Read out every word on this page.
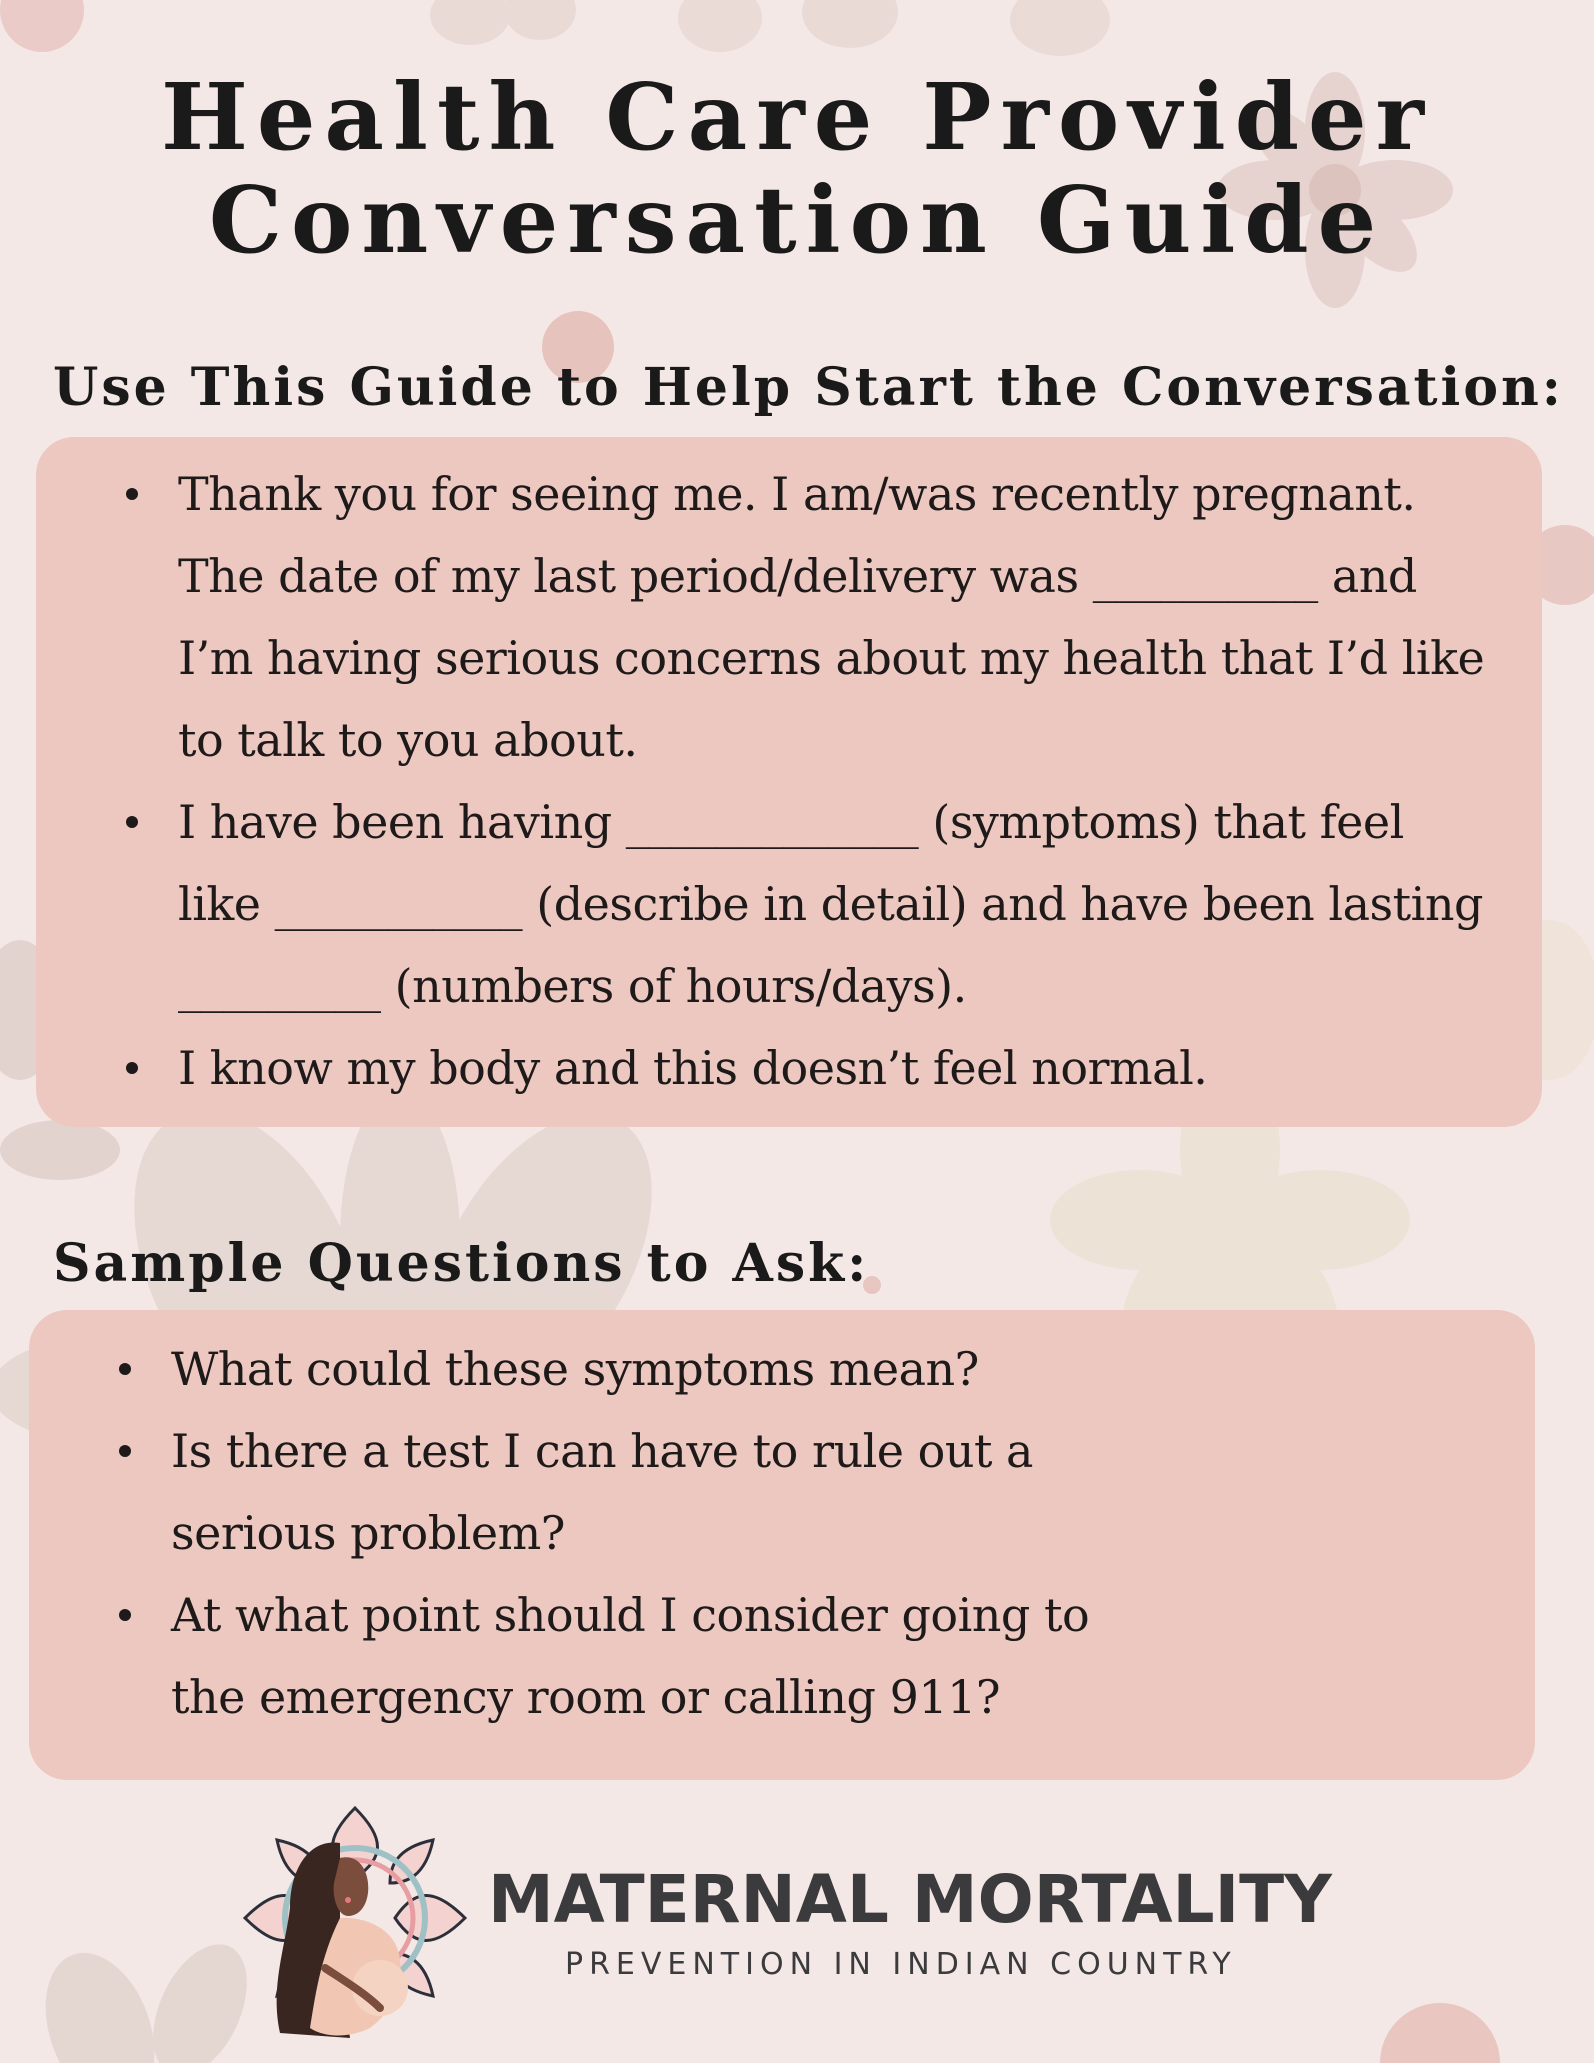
Health Care Provider
Conversation Guide
Use This Guide to Help Start the Conversation:
Thank you for seeing me. I am/was recently pregnant.
The date of my last period/delivery was __________ and
I’m having serious concerns about my health that I’d like
to talk to you about.
I have been having _____________ (symptoms) that feel
like ___________ (describe in detail) and have been lasting
_________ (numbers of hours/days).
I know my body and this doesn’t feel normal.
Sample Questions to Ask:
What could these symptoms mean?
Is there a test I can have to rule out a
serious problem?
At what point should I consider going to
the emergency room or calling 911?
MATERNAL MORTALITY
PREVENTION IN INDIAN COUNTRY
